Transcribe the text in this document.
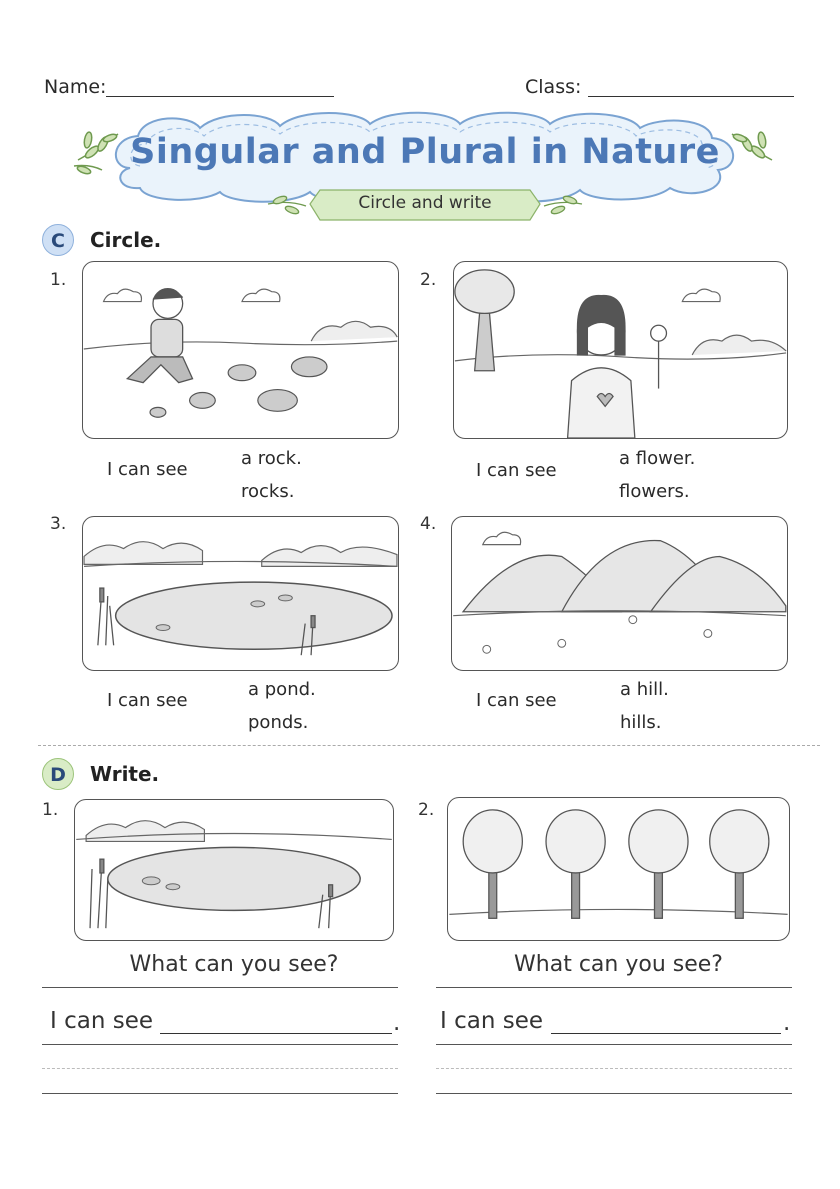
Name:	Class:
Singular and Plural in Nature
Circle and write
C	Circle.
1.
I can see
a rock.
rocks.
2.
I can see
a flower.
flowers.
3.
I can see
a pond.
ponds.
4.
I can see
a hill.
hills.
D	Write.
1.
What can you see?
I can see	.
2.
What can you see?
I can see	.
